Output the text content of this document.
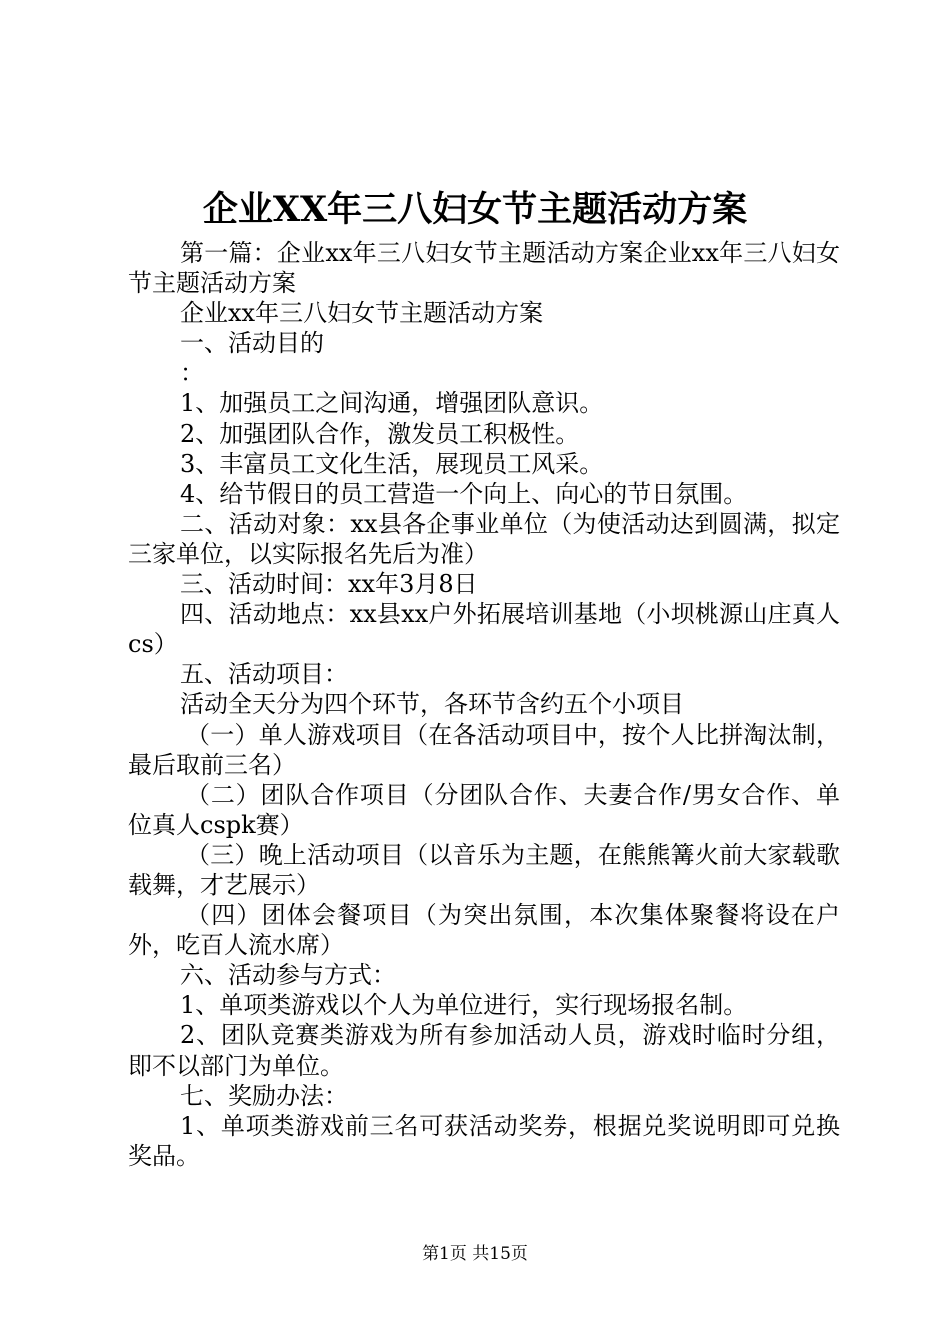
企业XX年三八妇女节主题活动方案

第一篇：企业xx年三八妇女节主题活动方案企业xx年三八妇女节主题活动方案

企业xx年三八妇女节主题活动方案

一、活动目的

：

1、加强员工之间沟通，增强团队意识。

2、加强团队合作，激发员工积极性。

3、丰富员工文化生活，展现员工风采。

4、给节假日的员工营造一个向上、向心的节日氛围。

二、活动对象：xx县各企事业单位（为使活动达到圆满，拟定三家单位，以实际报名先后为准）

三、活动时间：xx年3月8日

四、活动地点：xx县xx户外拓展培训基地（小坝桃源山庄真人cs）

五、活动项目：

活动全天分为四个环节，各环节含约五个小项目

（一）单人游戏项目（在各活动项目中，按个人比拼淘汰制，最后取前三名）

（二）团队合作项目（分团队合作、夫妻合作/男女合作、单位真人cspk赛）

（三）晚上活动项目（以音乐为主题，在熊熊篝火前大家载歌载舞，才艺展示）

（四）团体会餐项目（为突出氛围，本次集体聚餐将设在户外，吃百人流水席）

六、活动参与方式：

1、单项类游戏以个人为单位进行，实行现场报名制。

2、团队竞赛类游戏为所有参加活动人员，游戏时临时分组，即不以部门为单位。

七、奖励办法：

1、单项类游戏前三名可获活动奖券，根据兑奖说明即可兑换奖品。

第1页 共15页
